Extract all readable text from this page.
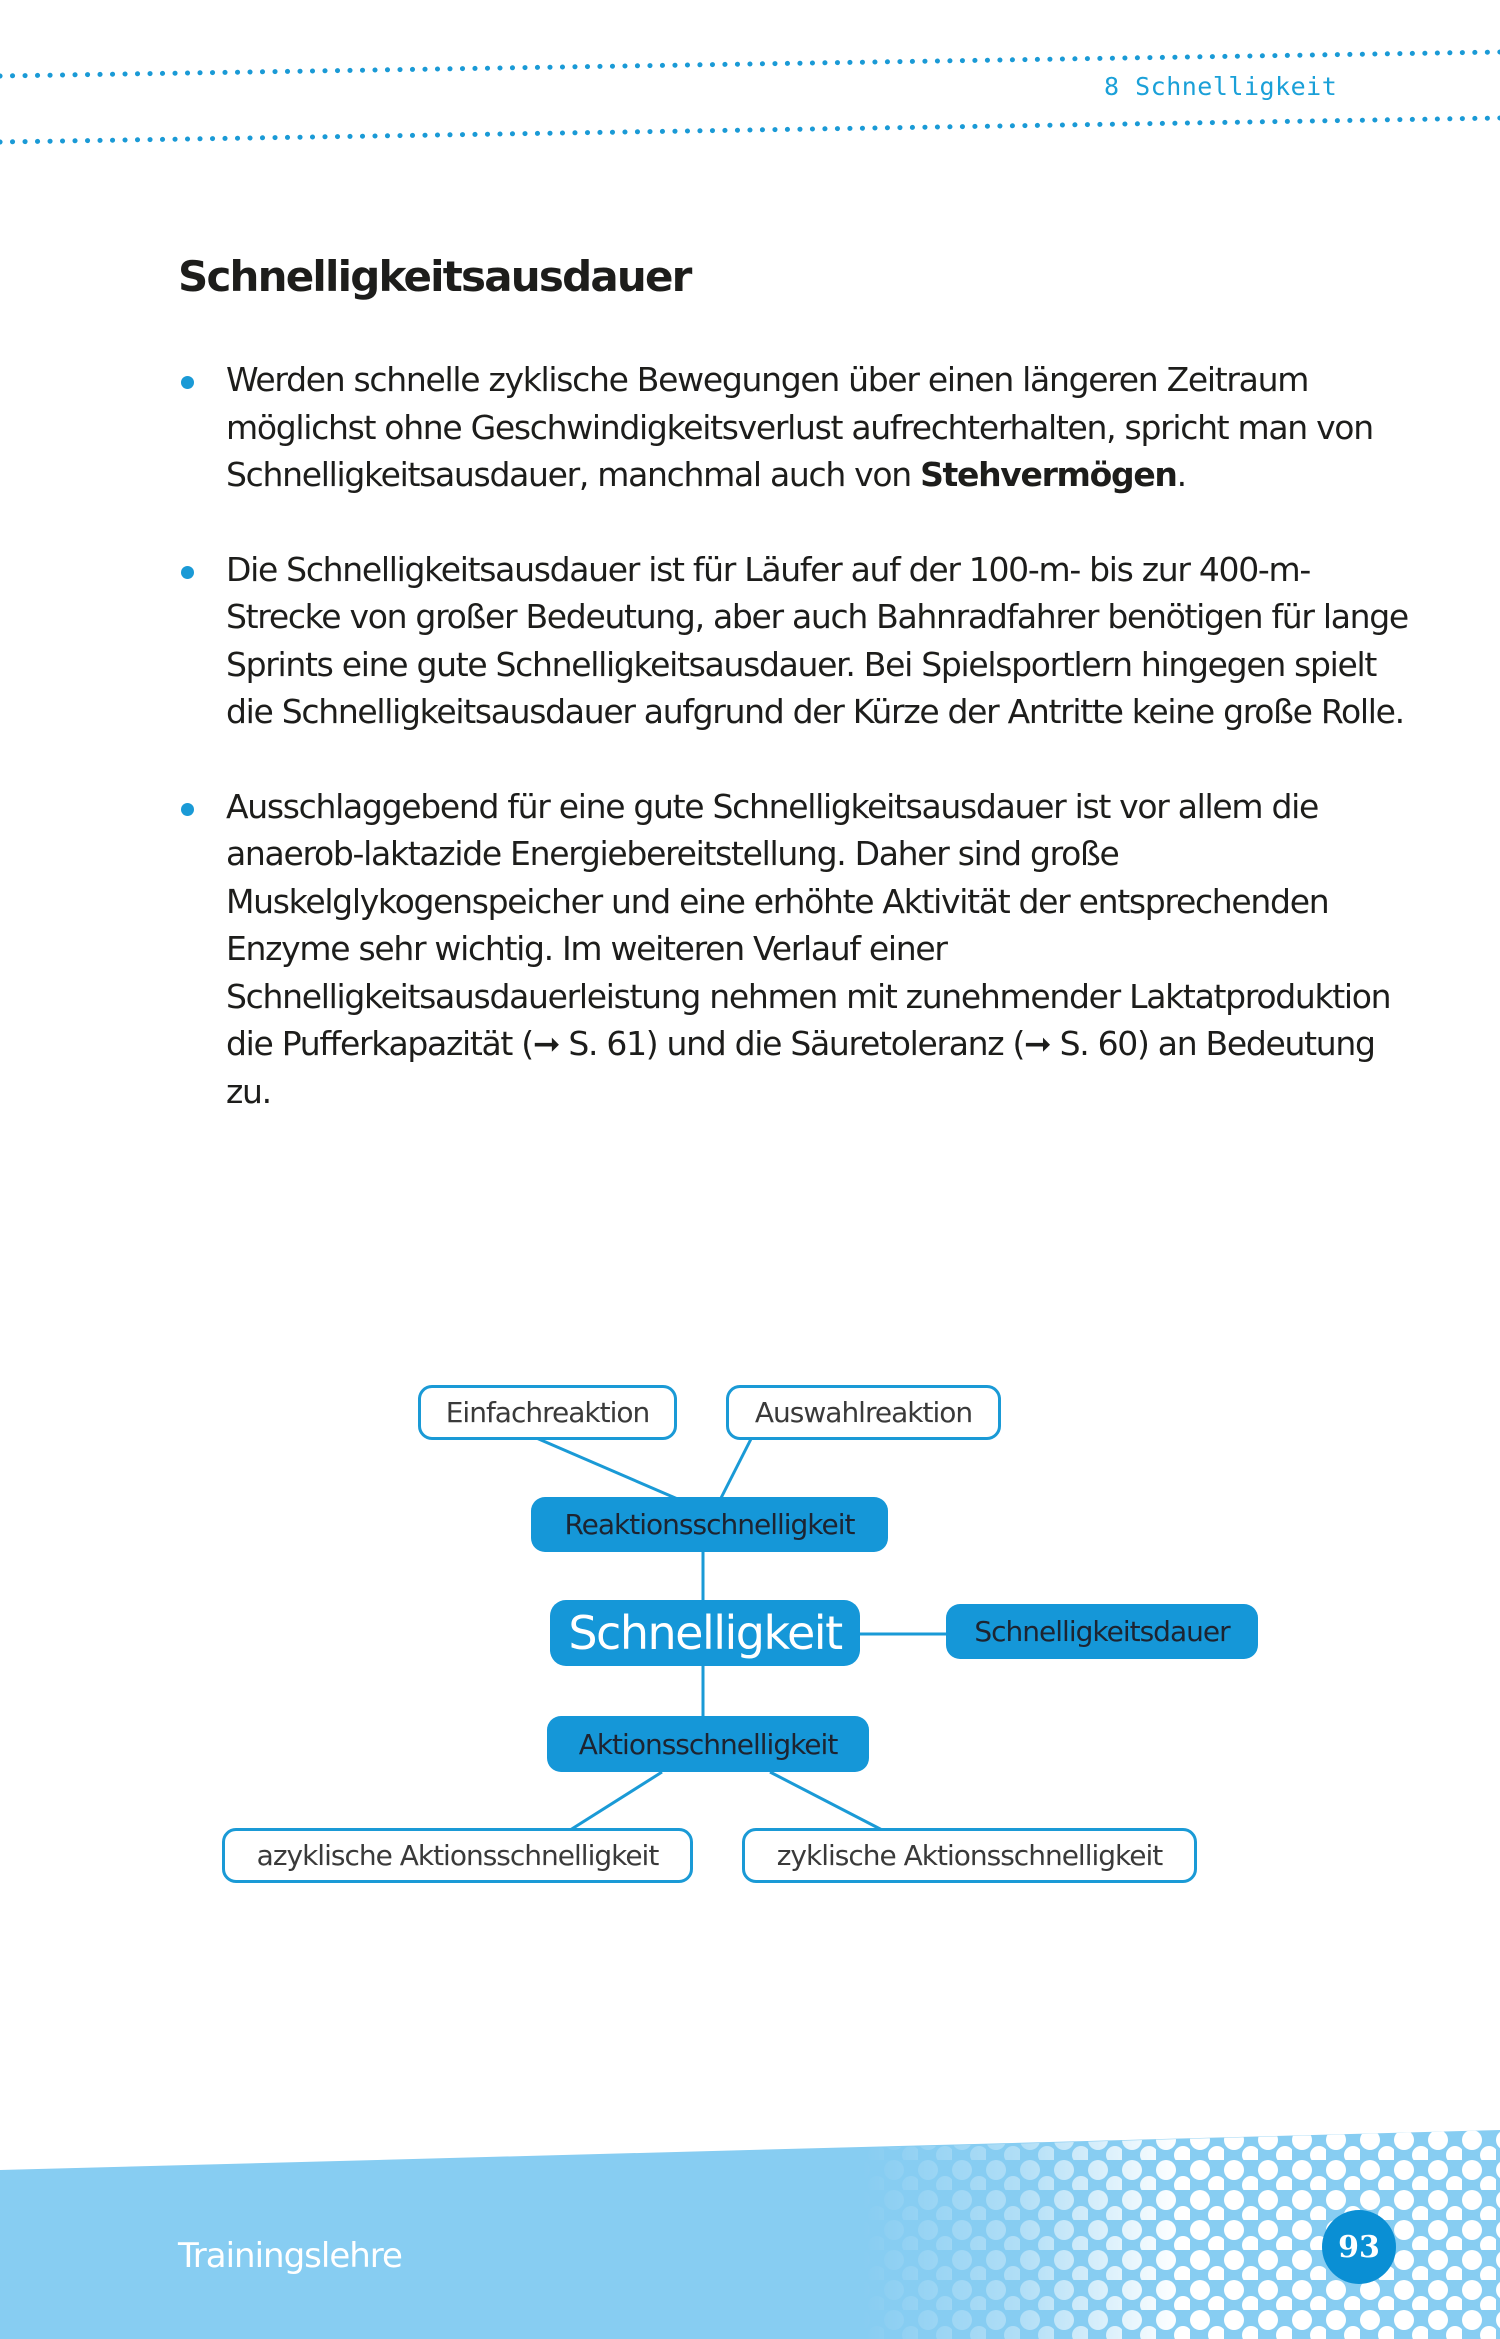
8 Schnelligkeit
Schnelligkeitsausdauer
Werden schnelle zyklische Bewegungen über einen längeren Zeitraum möglichst ohne Geschwindigkeitsverlust aufrechterhalten, spricht man von Schnelligkeitsausdauer, manchmal auch von Stehvermögen.
Die Schnelligkeitsausdauer ist für Läufer auf der 100-m- bis zur 400-m-Strecke von großer Bedeutung, aber auch Bahnradfahrer benötigen für lange Sprints eine gute Schnelligkeitsausdauer. Bei Spielsportlern hingegen spielt die Schnelligkeitsausdauer aufgrund der Kürze der Antritte keine große Rolle.
Ausschlaggebend für eine gute Schnelligkeitsausdauer ist vor allem die anaerob-laktazide Energiebereitstellung. Daher sind große Muskelglykogenspeicher und eine erhöhte Aktivität der entsprechenden Enzyme sehr wichtig. Im weiteren Verlauf einer Schnelligkeitsausdauerleistung nehmen mit zunehmender Laktatproduktion die Pufferkapazität (➞ S. 61) und die Säuretoleranz (➞ S. 60) an Bedeutung zu.
Einfachreaktion	Auswahlreaktion
Reaktionsschnelligkeit
Schnelligkeit	Schnelligkeitsdauer
Aktionsschnelligkeit
azyklische Aktionsschnelligkeit	zyklische Aktionsschnelligkeit
Trainingslehre	93
